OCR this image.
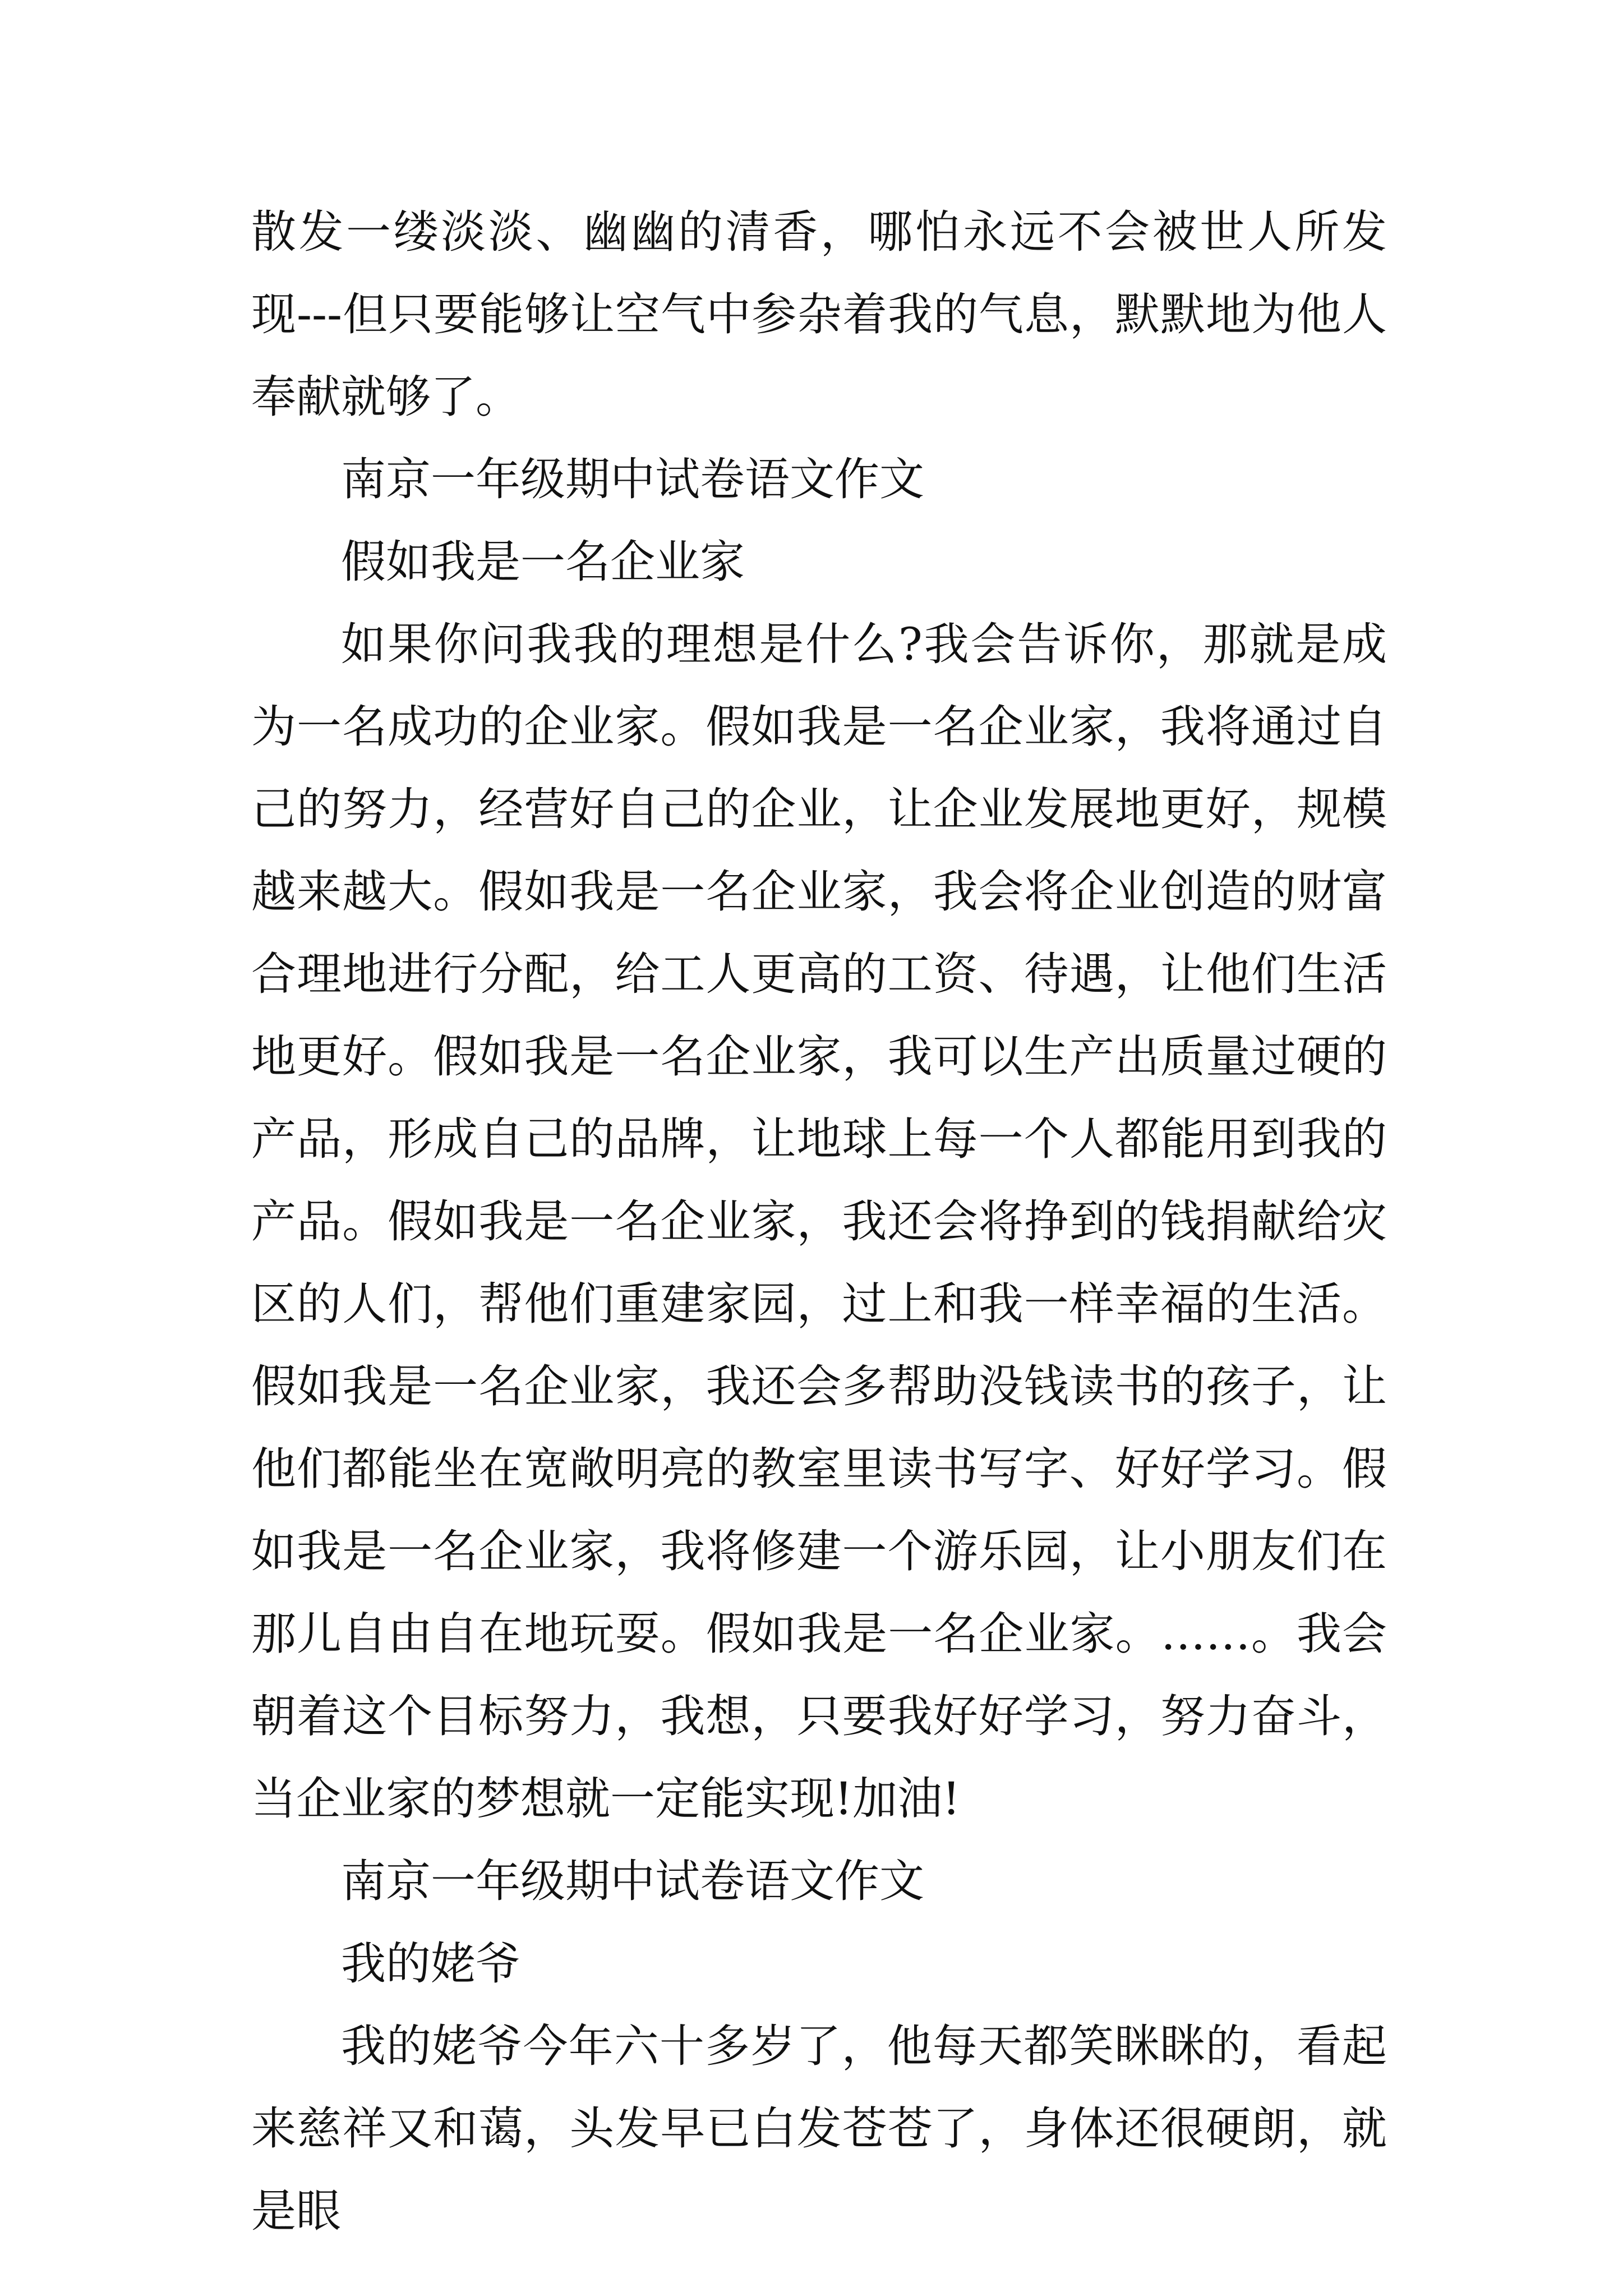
散发一缕淡淡、幽幽的清香，哪怕永远不会被世人所发现---但只要能够让空气中参杂着我的气息，默默地为他人奉献就够了。

南京一年级期中试卷语文作文
假如我是一名企业家

如果你问我我的理想是什么?我会告诉你，那就是成为一名成功的企业家。假如我是一名企业家，我将通过自己的努力，经营好自己的企业，让企业发展地更好，规模越来越大。假如我是一名企业家，我会将企业创造的财富合理地进行分配，给工人更高的工资、待遇，让他们生活地更好。假如我是一名企业家，我可以生产出质量过硬的产品，形成自己的品牌，让地球上每一个人都能用到我的产品。假如我是一名企业家，我还会将挣到的钱捐献给灾区的人们，帮他们重建家园，过上和我一样幸福的生活。假如我是一名企业家，我还会多帮助没钱读书的孩子，让他们都能坐在宽敞明亮的教室里读书写字、好好学习。假如我是一名企业家，我将修建一个游乐园，让小朋友们在那儿自由自在地玩耍。假如我是一名企业家。……。我会朝着这个目标努力，我想，只要我好好学习，努力奋斗，当企业家的梦想就一定能实现!加油!

南京一年级期中试卷语文作文
我的姥爷

我的姥爷今年六十多岁了，他每天都笑眯眯的，看起来慈祥又和蔼，头发早已白发苍苍了，身体还很硬朗，就是眼
